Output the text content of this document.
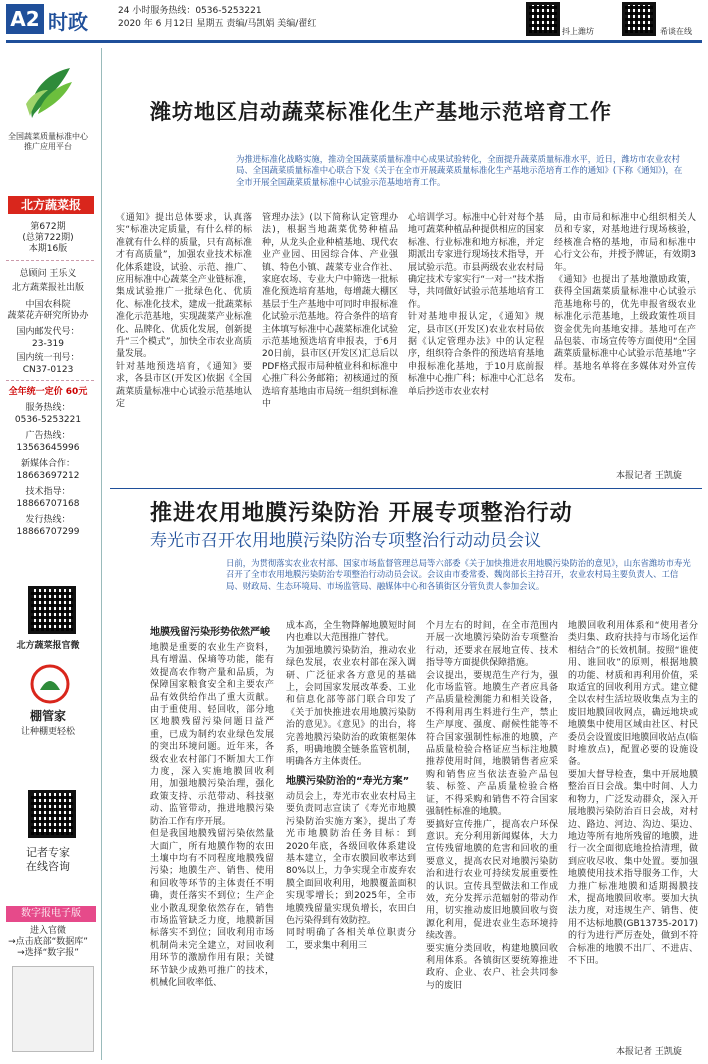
A2 时政	24 小时服务热线：0536-5253221
2020 年 6 月12日 星期五 责编/马凯娟 美编/翟红
抖上潍坊	希谈在线
全国蔬菜质量标准中心
推广应用平台
北方蔬菜报
第672期
(总第722期)
本期16版
总顾问 王乐义
北方蔬菜报社出版
中国农科院
蔬菜花卉研究所协办
国内邮发代号：
23-319
国内统一刊号：
CN37-0123
全年统一定价 60元
服务热线：
0536-5253221
广告热线：
13563645996
新媒体合作：
18663697212
技术指导：
18866707168
发行热线：
18866707299
北方蔬菜报官微
棚管家
让种棚更轻松
记者专家
在线咨询
数字报电子版
进入官微
→点击底部“数据库”
→选择“数字报”
潍坊地区启动蔬菜标准化生产基地示范培育工作
为推进标准化战略实施，推动全国蔬菜质量标准中心成果试验转化，全面提升蔬菜质量标准水平，近日，潍坊市农业农村局、全国蔬菜质量标准中心联合下发《关于在全市开展蔬菜质量标准化生产基地示范培育工作的通知》(下称《通知》)，在全市开展全国蔬菜质量标准中心试验示范基地培育工作。
《通知》提出总体要求，认真落实“标准决定质量，有什么样的标准就有什么样的质量，只有高标准才有高质量”，加强农业技术标准化体系建设，试验、示范、推广、应用标准中心蔬菜全产业链标准，集成试验推广一批绿色化、优质化、标准化技术，建成一批蔬菜标准化示范基地，实现蔬菜产业标准化、品牌化、优质化发展，创新提升“三个模式”，加快全市农业高质量发展。
针对基地预选培育，《通知》要求，各县市区(开发区)依据《全国蔬菜质量标准中心试验示范基地认定
管理办法》(以下简称认定管理办法)，根据当地蔬菜优势种植品种，从龙头企业种植基地、现代农业产业园、田园综合体、产业强镇、特色小镇、蔬菜专业合作社、家庭农场、专业大户中筛选一批标准化预选培育基地，每增蔬大棚区基层于生产基地中可同时申报标准化试验示范基地。符合条件的培育主体填写标准中心蔬菜标准化试验示范基地预选培育申报表，于6月20日前，县市区(开发区)汇总后以PDF格式报市局种植业科和标准中心推广科公务邮箱；初核通过的预选培育基地由市局统一组织到标准中
心培训学习。标准中心针对每个基地可蔬菜种植品种提供相应的国家标准、行业标准和地方标准，并定期派出专家进行现场技术指导，开展试验示范。市县两级农业农村局确定技术专家实行“一对一”技术指导，共同做好试验示范基地培育工作。
针对基地申报认定，《通知》规定，县市区(开发区)农业农村局依据《认定管理办法》中的认定程序，组织符合条件的预选培育基地申报标准化基地，于10月底前报标准中心推广科；标准中心汇总名单后抄送市农业农村
局，由市局和标准中心组织相关人员和专家，对基地进行现场核验，经核准合格的基地，市局和标准中心行文公布，并授予牌证，有效期3年。
《通知》也提出了基地激励政策，获得全国蔬菜质量标准中心试验示范基地称号的，优先申报省级农业标准化示范基地，上级政策性项目资金优先向基地安排。基地可在产品包装、市场宣传等方面使用“全国蔬菜质量标准中心试验示范基地”字样。基地名单将在多媒体对外宣传发布。
本报记者 王凯旋
推进农用地膜污染防治 开展专项整治行动
寿光市召开农用地膜污染防治专项整治行动动员会议
日前，为贯彻落实农业农村部、国家市场监督管理总局等六部委《关于加快推进农用地膜污染防治的意见》，山东省潍坊市寿光召开了全市农用地膜污染防治专项整治行动动员会议。会议由市委常委、魏岗部长主持召开，农业农村局主要负责人、工信局、财政局、生态环境局、市场监管局、融媒体中心和各镇街区分管负责人参加会议。
地膜残留污染形势依然严峻
地膜是重要的农业生产资料，具有增温、保墒等功能，能有效提高农作物产量和品质，为保障国家粮食安全和主要农产品有效供给作出了重大贡献。由于重使用、轻回收，部分地区地膜残留污染问题日益严重，已成为制约农业绿色发展的突出环境问题。近年来，各级农业农村部门不断加大工作力度，深入实施地膜回收利用，加强地膜污染治理，强化政策支持、示范带动、科技驱动、监管带动，推进地膜污染防治工作有序开展。
但是我国地膜残留污染依然量大面广，所有地膜作物的农田土壤中均有不同程度地膜残留污染；地膜生产、销售、使用和回收等环节的主体责任不明确，责任落实不到位；生产企业小散乱现象依然存在，销售市场监管缺乏力度，地膜新国标落实不到位；回收利用市场机制尚未完全建立，对回收利用环节的激励作用有限；关键环节缺少成熟可推广的技术，机械化回收率低、
成本高，全生物降解地膜短时间内也难以大范围推广替代。
为加强地膜污染防治，推动农业绿色发展，农业农村部在深入调研、广泛征求各方意见的基础上，会同国家发展改革委、工业和信息化部等部门联合印发了《关于加快推进农用地膜污染防治的意见》。《意见》的出台，将完善地膜污染防治的政策框架体系，明确地膜全链条监管机制，明确各方主体责任。
地膜污染防治的“寿光方案”
动员会上，寿光市农业农村局主要负责同志宣读了《寿光市地膜污染防治实施方案》，提出了寿光市地膜防治任务目标：到2020年底，各级回收体系建设基本建立，全市农膜回收率达到80%以上，力争实现全市废弃农膜全面回收利用，地膜覆盖面积实现零增长；到2025年，全市地膜残留量实现负增长，农田白色污染得到有效防控。
同时明确了各相关单位职责分工，要求集中利用三
个月左右的时间，在全市范围内开展一次地膜污染防治专项整治行动，还要求在展地宣传、技术指导等方面提供保障措施。
会议提出，要规范生产行为，强化市场监管。地膜生产者应具备产品质量检测能力和相关设备，不得利用再生料进行生产，禁止生产厚度、强度、耐候性能等不符合国家强制性标准的地膜，产品质量检验合格证应当标注地膜推荐使用时间，地膜销售者应采购和销售应当依法查验产品包装、标签、产品质量检验合格证，不得采购和销售不符合国家强制性标准的地膜。
要搞好宣传推广，提高农户环保意识。充分利用新闻媒体，大力宣传残留地膜的危害和回收的重要意义，提高农民对地膜污染防治和进行农业可持续发展重要性的认识。宣传具型做法和工作成效，充分发挥示范辐射的带动作用，切实推动废旧地膜回收与资源化利用，促进农业生态环境持续改善。
要实施分类回收，构建地膜回收利用体系。各镇街区要统筹推进政府、企业、农户、社会共同参与的废旧
地膜回收利用体系和“使用者分类归集、政府扶持与市场化运作相结合”的长效机制。按照“谁使用、谁回收”的原则，根据地膜的功能、材质和再利用价值，采取适宜的回收利用方式。建立健全以农村生活垃圾收集点为主的废旧地膜回收网点，确远地块或地膜集中使用区域由社区、村民委员会设置废旧地膜回收站点(临时堆放点)，配置必要的设施设备。
要加大督导检查，集中开展地膜整治百日会战。集中时间、人力和物力，广泛发动群众，深入开展地膜污染防治百日会战，对村边、路边、河边、沟边、渠边、地边等所有地所残留的地膜，进行一次全面彻底地捡拾清理，做到应收尽收、集中处置。要加强地膜使用技术指导服务工作，大力推广标准地膜和适期揭膜技术，提高地膜回收率。要加大执法力度，对违规生产、销售、使用不达标地膜(GB13735-2017)的行为进行严厉查处，做到不符合标准的地膜不出厂、不进店、不下田。
本报记者 王凯旋
